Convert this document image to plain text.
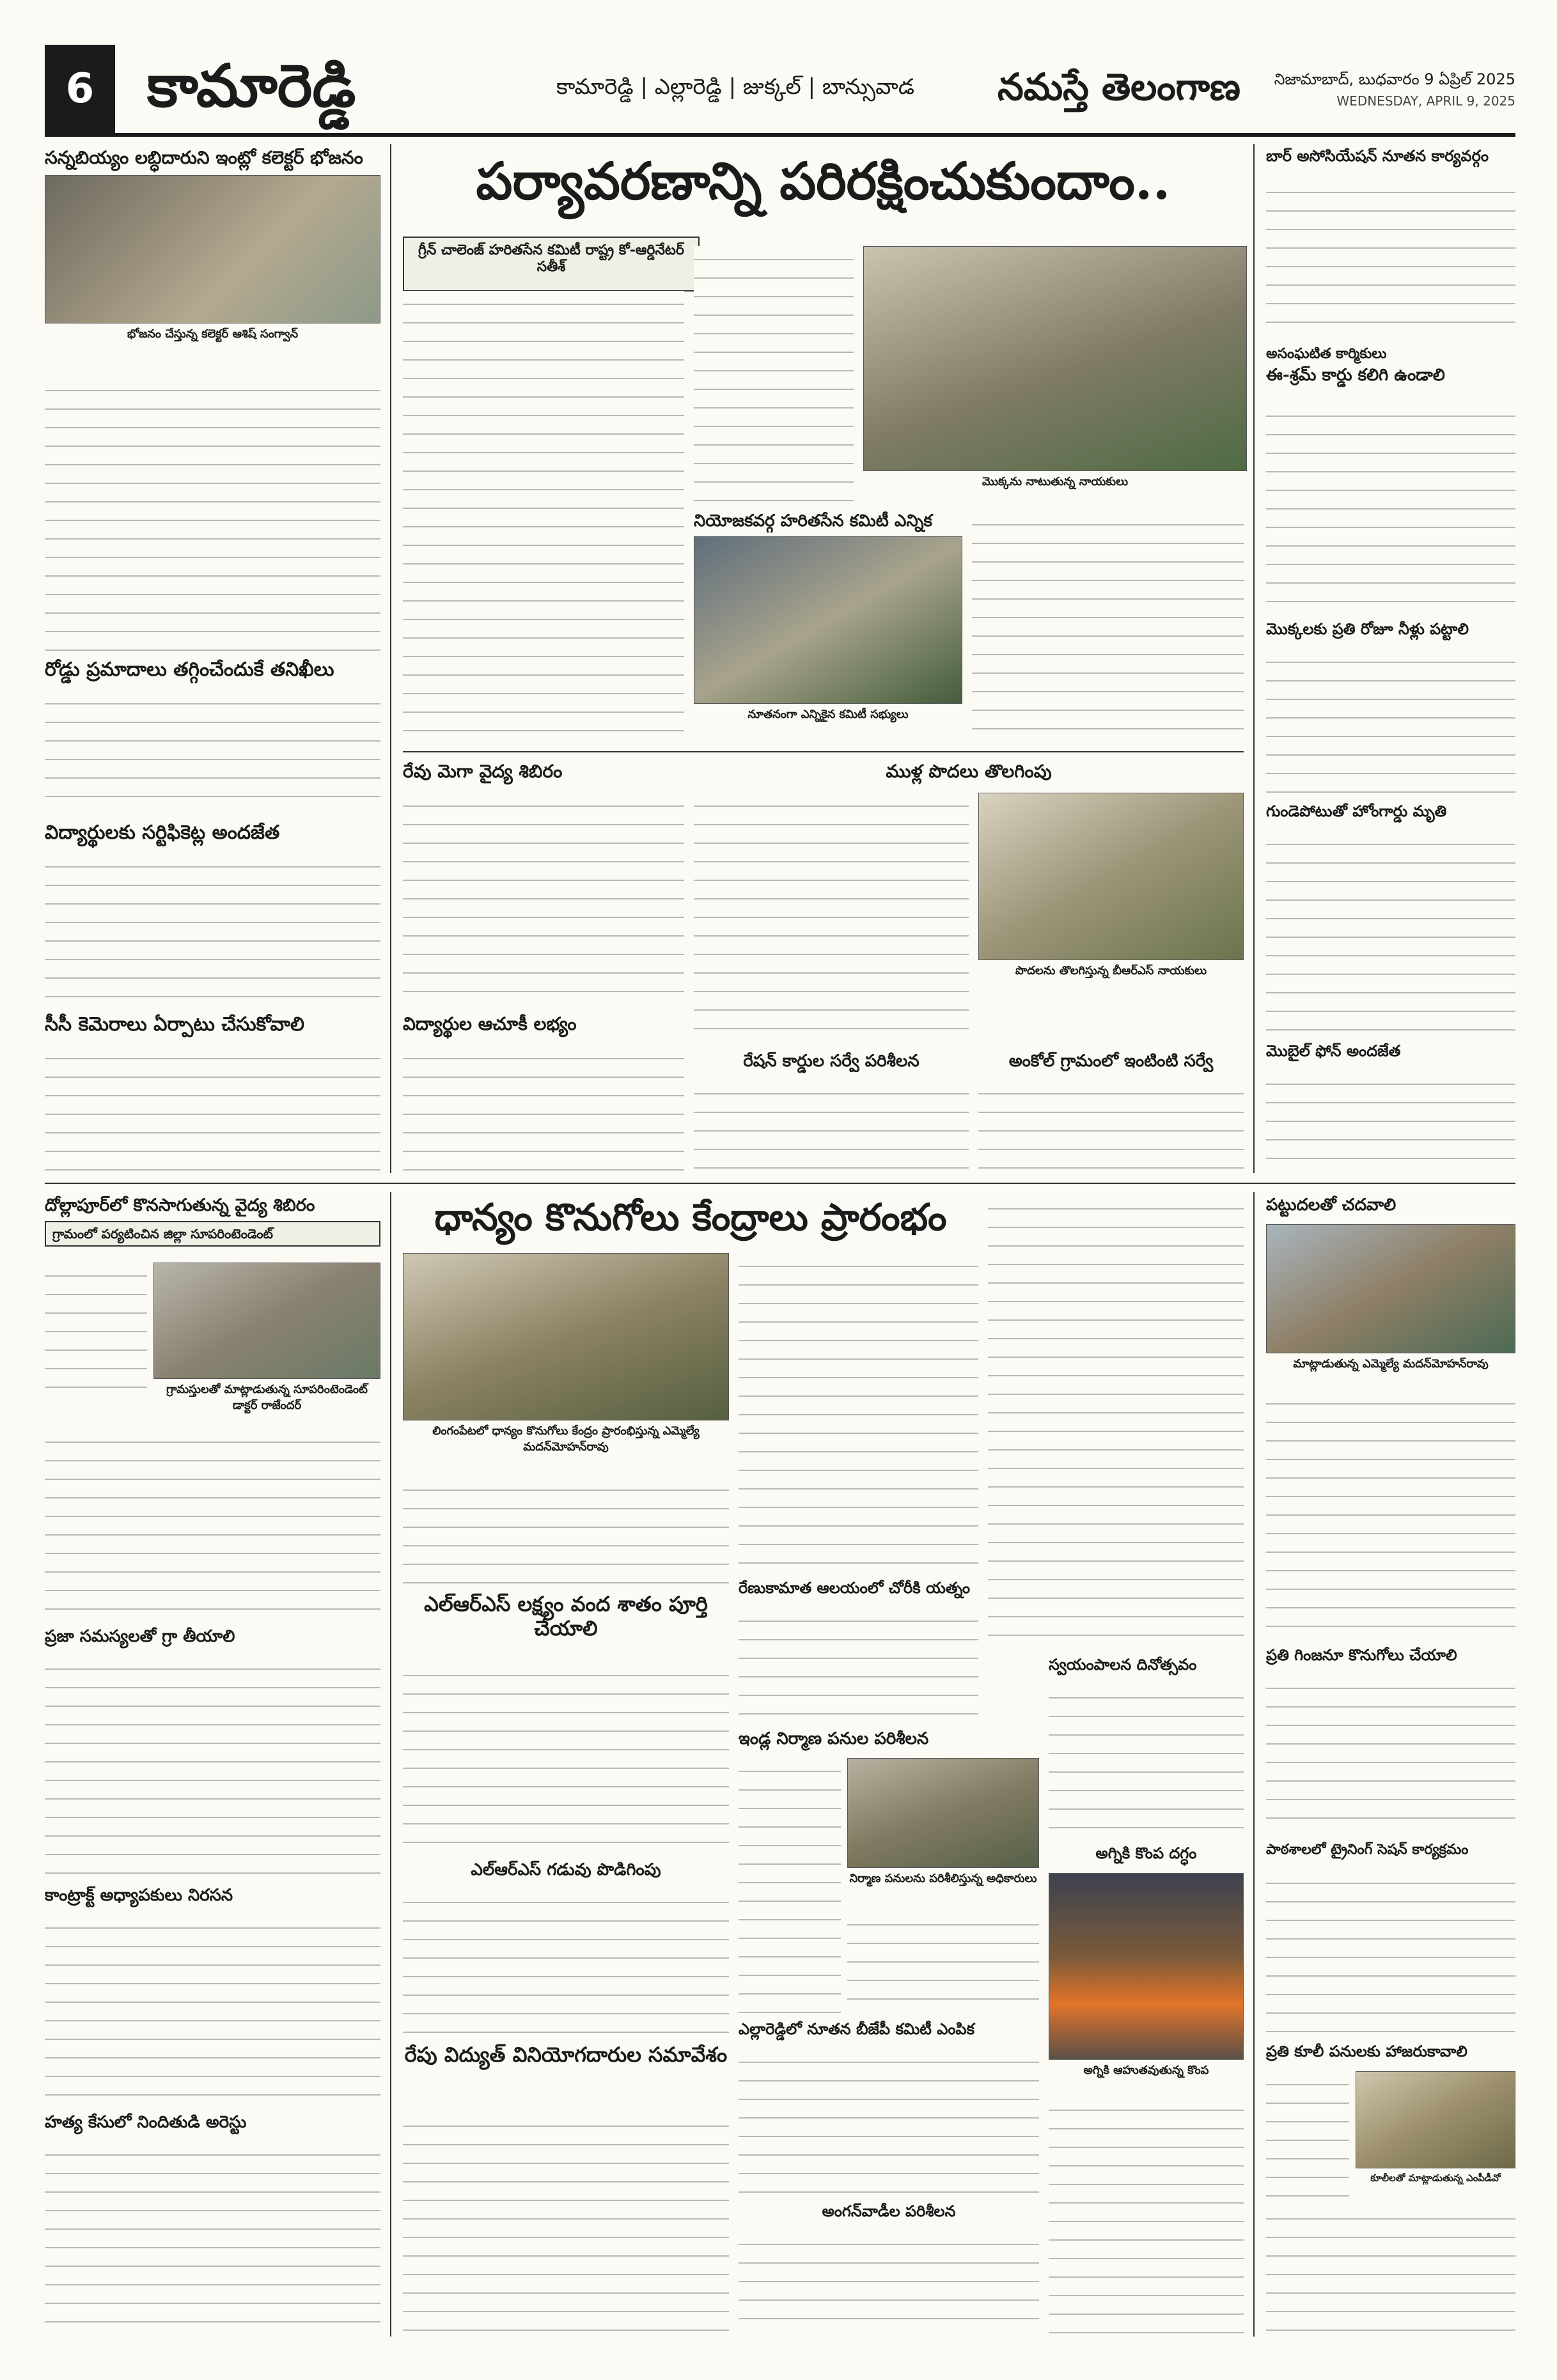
6 కామారెడ్డి	కామారెడ్డి | ఎల్లారెడ్డి | జుక్కల్ | బాన్సువాడ నమస్తే తెలంగాణ నిజామాబాద్, బుధవారం 9 ఏప్రిల్ 2025
WEDNESDAY, APRIL 9, 2025
సన్నబియ్యం లబ్ధిదారుని ఇంట్లో కలెక్టర్ భోజనం
భోజనం చేస్తున్న కలెక్టర్ ఆశిష్ సంగ్వాన్
రోడ్డు ప్రమాదాలు తగ్గించేందుకే తనిఖీలు
విద్యార్థులకు సర్టిఫికెట్ల అందజేత
సీసీ కెమెరాలు ఏర్పాటు చేసుకోవాలి
పర్యావరణాన్ని పరిరక్షించుకుందాం..
గ్రీన్ చాలెంజ్ హరితసేన కమిటీ రాష్ట్ర కో-ఆర్డినేటర్ సతీశ్
మొక్కను నాటుతున్న నాయకులు
నియోజకవర్గ హరితసేన కమిటీ ఎన్నిక
నూతనంగా ఎన్నికైన కమిటీ సభ్యులు
రేవు మెగా వైద్య శిబిరం
విద్యార్థుల ఆచూకీ లభ్యం
ముళ్ల పొదలు తొలగింపు
పొదలను తొలగిస్తున్న బీఆర్ఎస్ నాయకులు
రేషన్ కార్డుల సర్వే పరిశీలన	అంకోల్ గ్రామంలో ఇంటింటి సర్వే
బార్ అసోసియేషన్ నూతన కార్యవర్గం
అసంఘటిత కార్మికులు
ఈ-శ్రమ్ కార్డు కలిగి ఉండాలి
మొక్కలకు ప్రతి రోజూ నీళ్లు పట్టాలి
గుండెపోటుతో హోంగార్డు మృతి
మొబైల్ ఫోన్ అందజేత
దోల్లాపూర్‌లో కొనసాగుతున్న వైద్య శిబిరం
గ్రామంలో పర్యటించిన జిల్లా సూపరింటెండెంట్
గ్రామస్తులతో మాట్లాడుతున్న సూపరింటెండెంట్ డాక్టర్ రాజేందర్
ప్రజా సమస్యలతో గ్రా తీయాలి
కాంట్రాక్ట్ అధ్యాపకులు నిరసన
హత్య కేసులో నిందితుడి అరెస్టు
ధాన్యం కొనుగోలు కేంద్రాలు ప్రారంభం
లింగంపేటలో ధాన్యం కొనుగోలు కేంద్రం ప్రారంభిస్తున్న ఎమ్మెల్యే మదన్‌మోహన్‌రావు
ఎల్ఆర్ఎస్ లక్ష్యం వంద శాతం పూర్తి చేయాలి
ఎల్ఆర్ఎస్ గడువు పొడిగింపు
రేపు విద్యుత్ వినియోగదారుల సమావేశం
రేణుకామాత ఆలయంలో చోరీకి యత్నం
ఇండ్ల నిర్మాణ పనుల పరిశీలన
నిర్మాణ పనులను పరిశీలిస్తున్న అధికారులు
ఎల్లారెడ్డిలో నూతన బీజేపీ కమిటీ ఎంపిక
అంగన్‌వాడీల పరిశీలన
స్వయంపాలన దినోత్సవం
అగ్నికి కొంప దగ్ధం
అగ్నికి ఆహుతవుతున్న కొంప
పట్టుదలతో చదవాలి
మాట్లాడుతున్న ఎమ్మెల్యే మదన్‌మోహన్‌రావు
ప్రతి గింజనూ కొనుగోలు చేయాలి
పాఠశాలలో ట్రైనింగ్ సెషన్ కార్యక్రమం
ప్రతి కూలీ పనులకు హాజరుకావాలి
కూలీలతో మాట్లాడుతున్న ఎంపీడీవో
